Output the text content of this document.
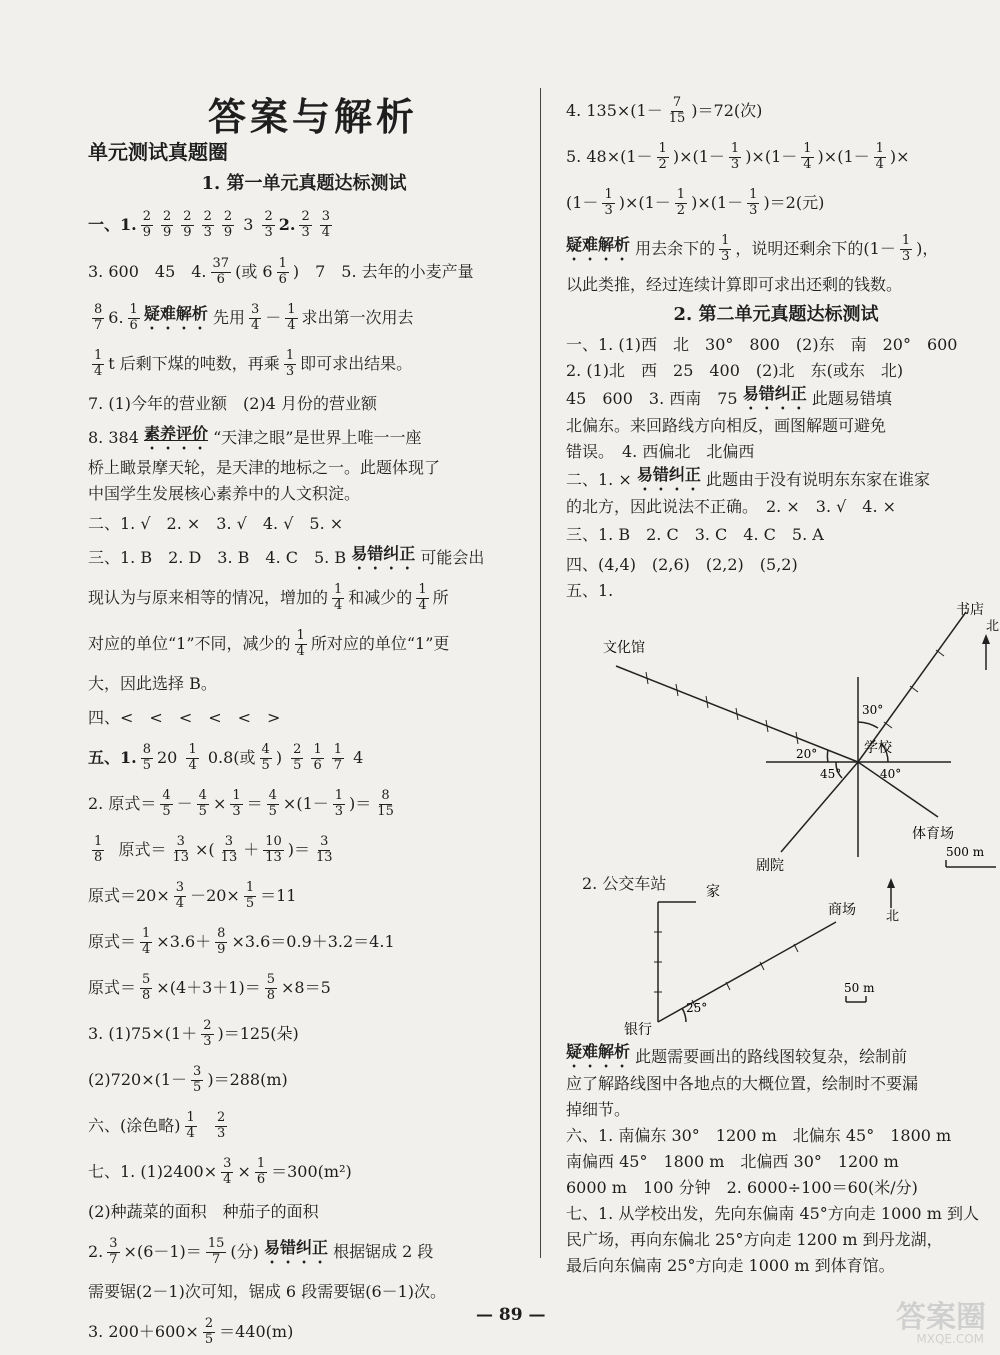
答案与解析
单元测试真题圈
1. 第一单元真题达标测试
一、1. $\frac{2}{9} \frac{2}{9} \frac{2}{9} \frac{2}{3} \frac{2}{9} 3 \frac{2}{3} 2$. $\frac{2}{3} \frac{3}{4}$
3. 600　45　4. $\frac{37}{6}$ (或 $6 \frac{1}{6}$ )　7　5. 去年的小麦产量
$\frac{8}{7} 6$. $\frac{1}{6}$ 疑难解析
先用 $\frac{3}{4} - \frac{1}{4}$ 求出第一次用去
$\frac{1}{4}$ t 后剩下煤的吨数，再乘 $\frac{1}{3}$ 即可求出结果。
7. (1)今年的营业额　(2)4 月份的营业额
8. 384
素养评价
“天津之眼”是世界上唯一一座
桥上瞰景摩天轮，是天津的地标之一。此题体现了
中国学生发展核心素养中的人文积淀。
二、1. √　2. ×　3. √　4. √　5. ×
三、1. B　2. D　3. B　4. C　5. B
易错纠正
可能会出
现认为与原来相等的情况，增加的 $\frac{1}{4}$ 和减少的 $\frac{1}{4}$ 所
对应的单位“1”不同，减少的 $\frac{1}{4}$ 所对应的单位“1”更
大，因此选择 B。
四、<　<　<　<　<　>
五、1. $\frac{8}{5} 20$
$\frac{1}{4}$
0.8(或 $\frac{4}{5}$ )
$\frac{2}{5} \frac{1}{6} \frac{1}{7}$
4
2. 原式＝ $\frac{4}{5} - \frac{4}{5} \times \frac{1}{3} = \frac{4}{5} \times(1- \frac{1}{3}$ )＝ $\frac{8}{15}$
$\frac{1}{8}$
原式＝ $\frac{3}{13}$ ×( $\frac{3}{13} + \frac{10}{13}$ )＝ $\frac{3}{13}$
原式$=20\times \frac{3}{4} -20\times \frac{1}{5} =11$
原式＝ $\frac{1}{4} \times 3.6+ \frac{8}{9} \times 3.6=0.9+3.2=4.1$
原式＝ $\frac{5}{8} \times(4+3+1)= \frac{5}{8} \times 8=5$
3. $(1)75\times(1+ \frac{2}{3} )=125$(朵)
$(2)720\times(1- \frac{3}{5} )=288(m)$
六、(涂色略) $\frac{1}{4}$
$\frac{2}{3}$
七、1. $(1)2400\times \frac{3}{4} \times \frac{1}{6} =300(m^2)$
(2)种蔬菜的面积　种茄子的面积
2. $\frac{3}{7} \times(6-1)= \frac{15}{7}$ (分)
易错纠正
根据锯成 2 段
需要锯(2－1)次可知，锯成 6 段需要锯(6－1)次。
3. $200+600\times \frac{2}{5} =440(m)$
4. $135\times(1- \frac{7}{15} )=72$(次)
5. $48\times(1- \frac{1}{2} )\times(1- \frac{1}{3} )\times(1- \frac{1}{4} )\times(1- \frac{1}{4}$ )×
$(1- \frac{1}{3} )\times(1- \frac{1}{2} )\times(1- \frac{1}{3} )=2$(元)
疑难解析
用去余下的 $\frac{1}{3}$ ，说明还剩余下的($1- \frac{1}{3}$ )，
以此类推，经过连续计算即可求出还剩的钱数。
2. 第二单元真题达标测试
一、1. (1)西　北　30°　800　(2)东　南　20°　600
2. (1)北　西　25　400　(2)北　东(或东　北)
45　600　3. 西南　75
易错纠正
此题易错填
北偏东。来回路线方向相反，画图解题可避免
错误。　4. 西偏北　北偏西
二、1. ×
易错纠正
此题由于没有说明东东家在谁家
的北方，因此说法不正确。　2. ×　3. √　4. ×
三、1. B　2. C　3. C　4. C　5. A
四、(4,4)　(2,6)　(2,2)　(5,2)
五、1.
文化馆
书店
北
学校
体育场
剧院
30°
20°
45°	40°
500 m
2. 公交车站	家
商场 北
银行
25°
50 m
疑难解析
此题需要画出的路线图较复杂，绘制前
应了解路线图中各地点的大概位置，绘制时不要漏
掉细节。
六、1. 南偏东 30°　1200 m　北偏东 45°　1800 m
南偏西 45°　1800 m　北偏西 30°　1200 m
6000 m　100 分钟　2. 6000÷100＝60(米/分)
七、1. 从学校出发，先向东偏南 45°方向走 1000 m 到人
民广场，再向东偏北 25°方向走 1200 m 到丹龙湖，
最后向东偏南 25°方向走 1000 m 到体育馆。
— 89 —	答案圈
MXQE.COM
